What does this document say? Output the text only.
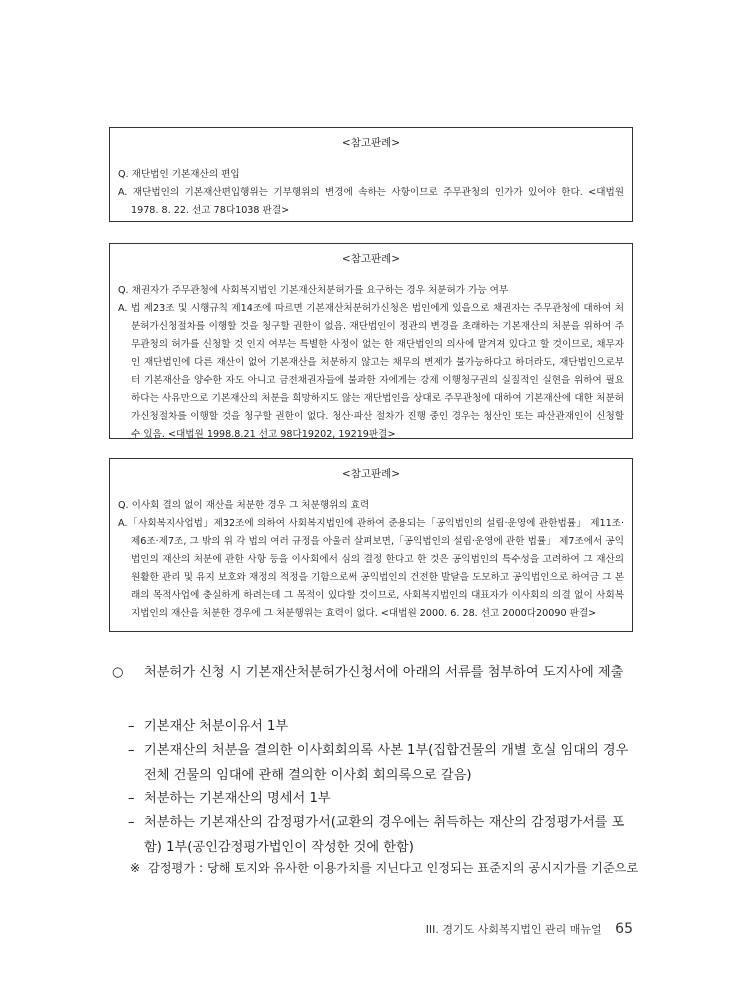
<참고판례>

Q. 재단법인 기본재산의 편입

A. 재단법인의 기본재산편입행위는 기부행위의 변경에 속하는 사항이므로 주무관청의 인가가 있어야 한다. <대법원 1978. 8. 22. 선고 78다1038 판결>

<참고판례>

Q. 채권자가 주무관청에 사회복지법인 기본재산처분허가를 요구하는 경우 처분허가 가능 여부

A. 법 제23조 및 시행규칙 제14조에 따르면 기본재산처분허가신청은 법인에게 있을으로 채권자는 주무관청에 대하여 처분허가신청절차를 이행할 것을 청구할 권한이 없음. 재단법인이 정관의 변경을 초래하는 기본재산의 처분을 위하여 주무관청의 허가를 신청할 것 인지 여부는 특별한 사정이 없는 한 재단법인의 의사에 맡겨져 있다고 할 것이므로, 채무자인 재단법인에 다른 재산이 없어 기본재산을 처분하지 않고는 채무의 변제가 불가능하다고 하더라도, 재단법인으로부터 기본재산을 양수한 자도 아니고 금전채권자들에 불과한 자에게는 강제 이행청구권의 실질적인 실현을 위하여 필요하다는 사유만으로 기본재산의 처분을 희망하지도 않는 재단법인을 상대로 주무관청에 대하여 기본재산에 대한 처분허가신청절차를 이행할 것을 청구할 권한이 없다. 청산·파산 절차가 진행 중인 경우는 청산인 또는 파산관재인이 신청할 수 있음. <대법원 1998.8.21 선고 98다19202, 19219판결>

<참고판례>

Q. 이사회 결의 없이 재산을 처분한 경우 그 처분행위의 효력

A.「사회복지사업법」제32조에 의하여 사회복지법인에 관하여 준용되는「공익법인의 설립·운영에 관한법률」 제11조·제6조·제7조, 그 밖의 위 각 법의 여러 규정을 아울러 살펴보면,「공익법인의 설립·운영에 관한 법률」 제7조에서 공익법인의 재산의 처분에 관한 사항 등을 이사회에서 심의 결정 한다고 한 것은 공익법인의 특수성을 고려하여 그 재산의 원활한 관리 및 유지 보호와 재정의 적정을 기함으로써 공익법인의 건전한 발달을 도모하고 공익법인으로 하여금 그 본래의 목적사업에 충실하게 하려는데 그 목적이 있다할 것이므로, 사회복지법인의 대표자가 이사회의 의결 없이 사회복지법인의 재산을 처분한 경우에 그 처분행위는 효력이 없다. <대법원 2000. 6. 28. 선고 2000다20090 판결>

○	처분허가 신청 시 기본재산처분허가신청서에 아래의 서류를 첨부하여 도지사에 제출
– 기본재산 처분이유서 1부
– 기본재산의 처분을 결의한 이사회회의록 사본 1부(집합건물의 개별 호실 임대의 경우 전체 건물의 임대에 관해 결의한 이사회 회의록으로 갈음)
– 처분하는 기본재산의 명세서 1부
– 처분하는 기본재산의 감정평가서(교환의 경우에는 취득하는 재산의 감정평가서를 포함) 1부(공인감정평가법인이 작성한 것에 한함)
※ 감정평가 : 당해 토지와 유사한 이용가치를 지닌다고 인정되는 표준지의 공시지가를 기준으로
III. 경기도 사회복지법인 관리 매뉴얼 65
